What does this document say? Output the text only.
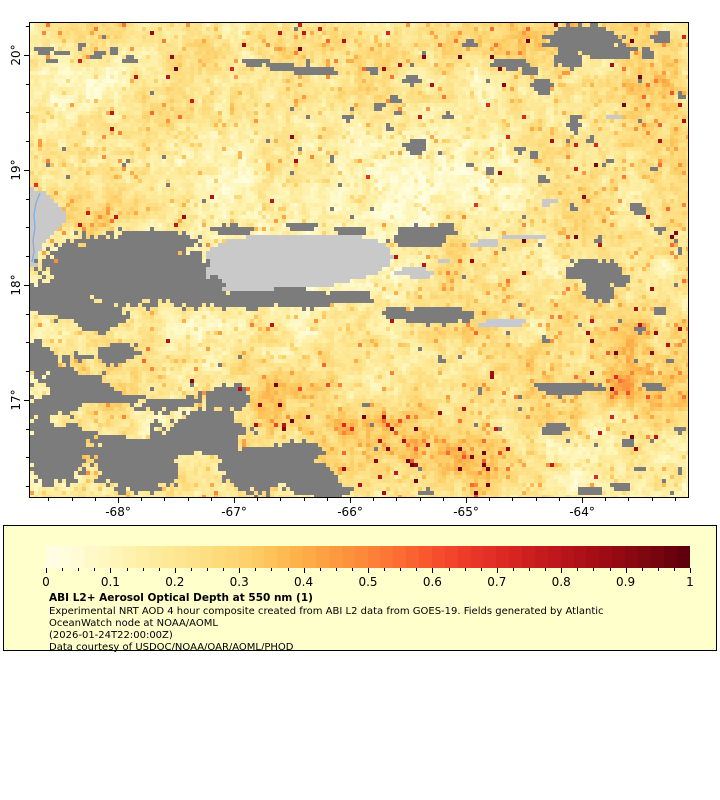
-68°	-67°	-66°	-65°	-64°
20°
19°
18°
17°
0	0.1	0.2	0.3	0.4	0.5	0.6	0.7	0.8	0.9	1
ABI L2+ Aerosol Optical Depth at 550 nm (1)
Experimental NRT AOD 4 hour composite created from ABI L2 data from GOES-19. Fields generated by Atlantic
OceanWatch node at NOAA/AOML
(2026-01-24T22:00:00Z)
Data courtesy of USDOC/NOAA/OAR/AOML/PHOD
